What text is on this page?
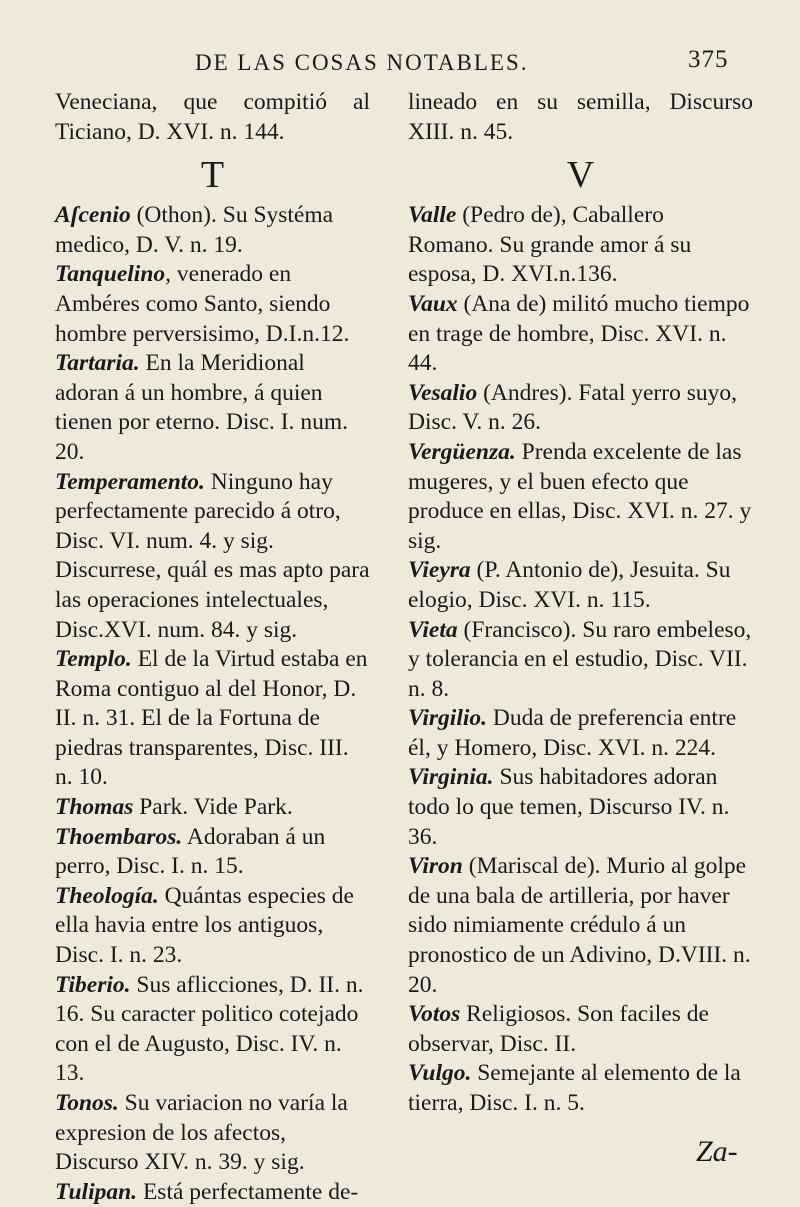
DE LAS COSAS NOTABLES.	375

Veneciana, que compitió al Ticiano, D. XVI. n. 144.

T

Aſcenio (Othon). Su Systéma medico, D. V. n. 19.

Tanquelino, venerado en Ambéres como Santo, siendo hombre perversisimo, D.I.n.12.

Tartaria. En la Meridional adoran á un hombre, á quien tienen por eterno. Disc. I. num. 20.

Temperamento. Ninguno hay perfectamente parecido á otro, Disc. VI. num. 4. y sig. Discurrese, quál es mas apto para las operaciones intelectuales, Disc.XVI. num. 84. y sig.

Templo. El de la Virtud estaba en Roma contiguo al del Honor, D. II. n. 31. El de la Fortuna de piedras transparentes, Disc. III. n. 10.

Thomas Park. Vide Park.

Thoembaros. Adoraban á un perro, Disc. I. n. 15.

Theología. Quántas especies de ella havia entre los antiguos, Disc. I. n. 23.

Tiberio. Sus aflicciones, D. II. n. 16. Su caracter politico cotejado con el de Augusto, Disc. IV. n. 13.

Tonos. Su variacion no varía la expresion de los afectos, Discurso XIV. n. 39. y sig.

Tulipan. Está perfectamente de-

lineado en su semilla, Discurso XIII. n. 45.

V

Valle (Pedro de), Caballero Romano. Su grande amor á su esposa, D. XVI.n.136.

Vaux (Ana de) militó mucho tiempo en trage de hombre, Disc. XVI. n. 44.

Vesalio (Andres). Fatal yerro suyo, Disc. V. n. 26.

Vergüenza. Prenda excelente de las mugeres, y el buen efecto que produce en ellas, Disc. XVI. n. 27. y sig.

Vieyra (P. Antonio de), Jesuita. Su elogio, Disc. XVI. n. 115.

Vieta (Francisco). Su raro embeleso, y tolerancia en el estudio, Disc. VII. n. 8.

Virgilio. Duda de preferencia entre él, y Homero, Disc. XVI. n. 224.

Virginia. Sus habitadores adoran todo lo que temen, Discurso IV. n. 36.

Viron (Mariscal de). Murio al golpe de una bala de artilleria, por haver sido nimiamente crédulo á un pronostico de un Adivino, D.VIII. n. 20.

Votos Religiosos. Son faciles de observar, Disc. II.

Vulgo. Semejante al elemento de la tierra, Disc. I. n. 5.

Za-
